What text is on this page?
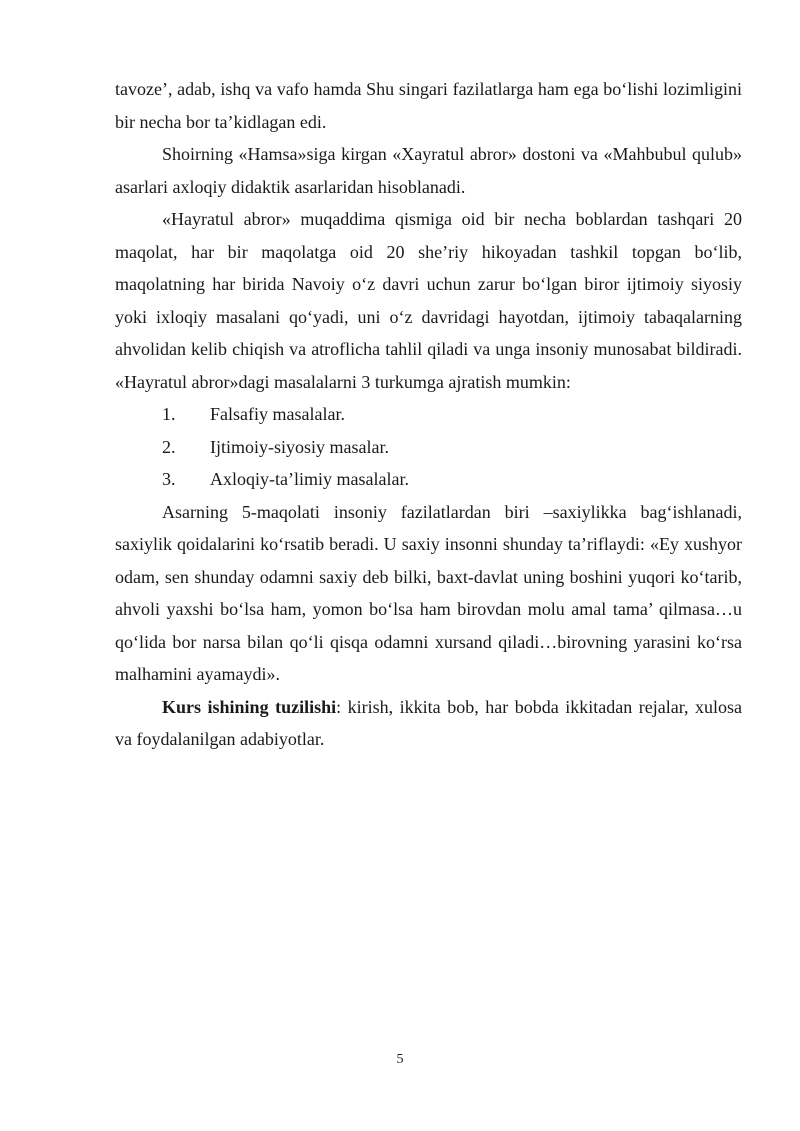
tavoze’, adab, ishq va vafo hamda Shu singari fazilatlarga ham ega bo‘lishi lozimligini bir necha bor ta’kidlagan edi.

Shoirning «Hamsa»siga kirgan «Xayratul abror» dostoni va «Mahbubul qulub» asarlari axloqiy didaktik asarlaridan hisoblanadi.

«Hayratul abror» muqaddima qismiga oid bir necha boblardan tashqari 20 maqolat, har bir maqolatga oid 20 she’riy hikoyadan tashkil topgan bo‘lib, maqolatning har birida Navoiy o‘z davri uchun zarur bo‘lgan biror ijtimoiy siyosiy yoki ixloqiy masalani qo‘yadi, uni o‘z davridagi hayotdan, ijtimoiy tabaqalarning ahvolidan kelib chiqish va atroflicha tahlil qiladi va unga insoniy munosabat bildiradi. «Hayratul abror»dagi masalalarni 3 turkumga ajratish mumkin:

1.	Falsafiy masalalar.
2.	Ijtimoiy-siyosiy masalar.
3.	Axloqiy-ta’limiy masalalar.

Asarning 5-maqolati insoniy fazilatlardan biri –saxiylikka bag‘ishlanadi, saxiylik qoidalarini ko‘rsatib beradi. U saxiy insonni shunday ta’riflaydi: «Ey xushyor odam, sen shunday odamni saxiy deb bilki, baxt-davlat uning boshini yuqori ko‘tarib, ahvoli yaxshi bo‘lsa ham, yomon bo‘lsa ham birovdan molu amal tama’ qilmasa…u qo‘lida bor narsa bilan qo‘li qisqa odamni xursand qiladi…birovning yarasini ko‘rsa malhamini ayamaydi».

Kurs ishining tuzilishi: kirish, ikkita bob, har bobda ikkitadan rejalar, xulosa va foydalanilgan adabiyotlar.

5
